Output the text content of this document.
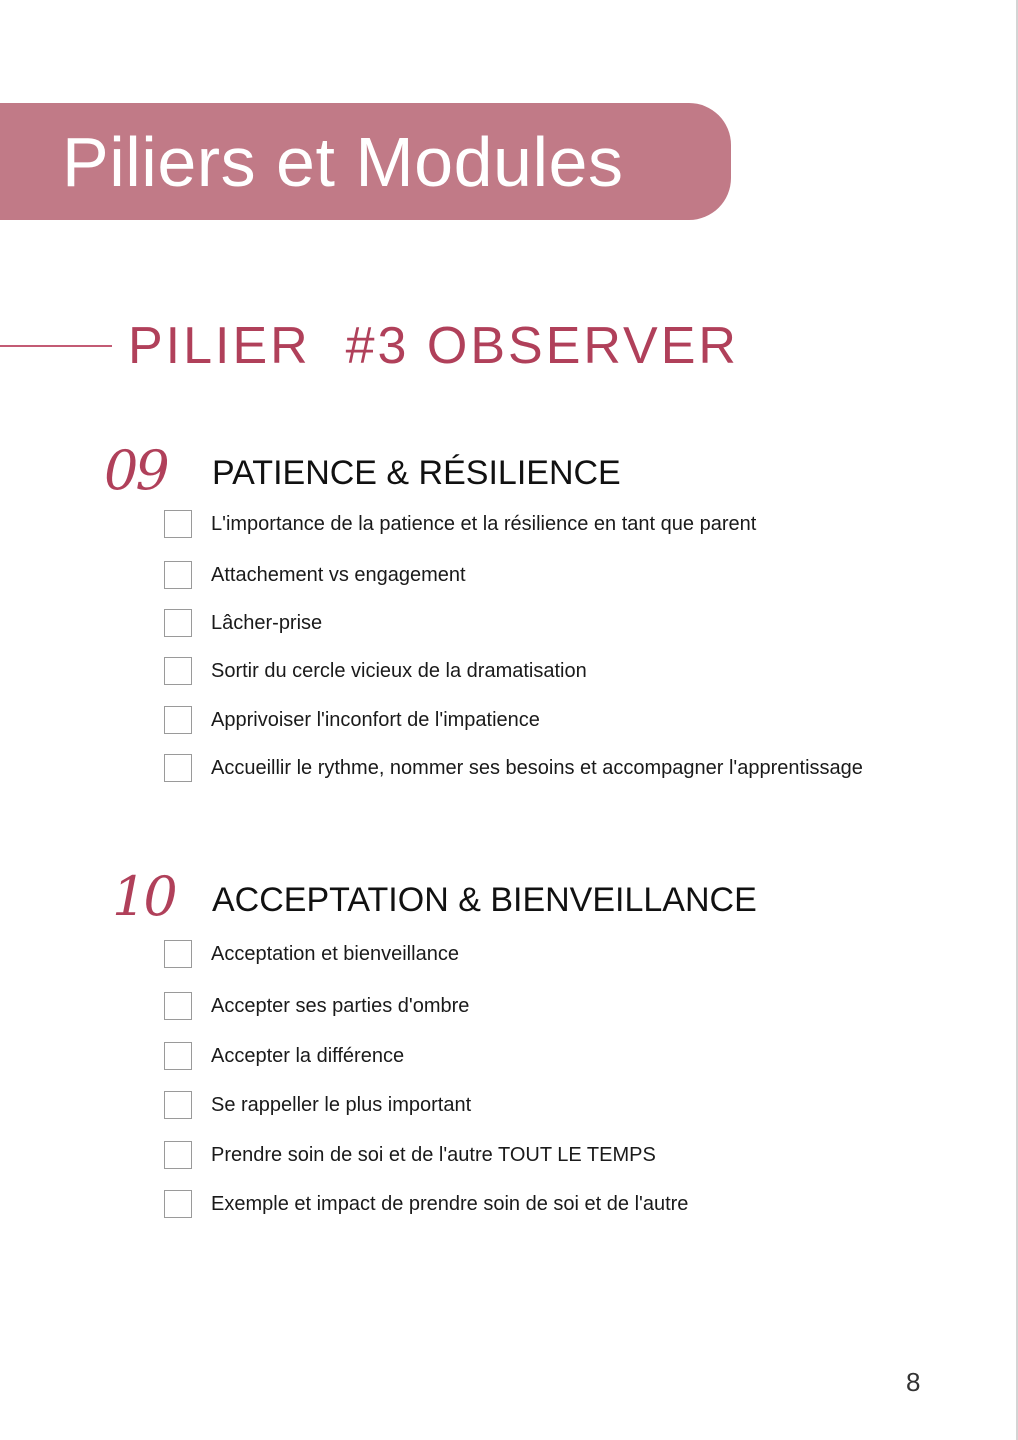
Piliers et Modules
PILIER  #3 OBSERVER
09 PATIENCE & RÉSILIENCE
L'importance de la patience et la résilience en tant que parent
Attachement vs engagement
Lâcher-prise
Sortir du cercle vicieux de la dramatisation
Apprivoiser l'inconfort de l'impatience
Accueillir le rythme, nommer ses besoins et accompagner l'apprentissage
10 ACCEPTATION & BIENVEILLANCE
Acceptation et bienveillance
Accepter ses parties d'ombre
Accepter la différence
Se rappeller le plus important
Prendre soin de soi et de l'autre TOUT LE TEMPS
Exemple et impact de prendre soin de soi et de l'autre
8
